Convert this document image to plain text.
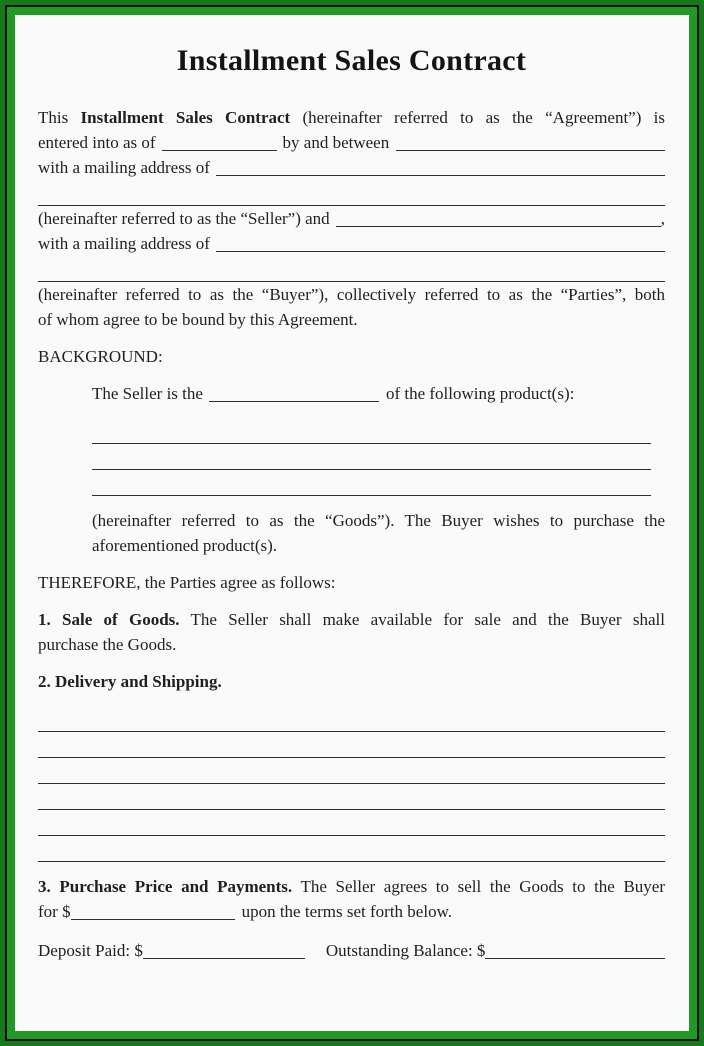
Installment Sales Contract
This Installment Sales Contract (hereinafter referred to as the “Agreement”) is
entered into as of	by and between
with a mailing address of
(hereinafter referred to as the “Seller”) and	,
with a mailing address of
(hereinafter referred to as the “Buyer”), collectively referred to as the “Parties”, both
of whom agree to be bound by this Agreement.
BACKGROUND:
The Seller is the	of the following product(s):
(hereinafter referred to as the “Goods”). The Buyer wishes to purchase the
aforementioned product(s).
THEREFORE, the Parties agree as follows:
1. Sale of Goods. The Seller shall make available for sale and the Buyer shall
purchase the Goods.
2. Delivery and Shipping.
3. Purchase Price and Payments. The Seller agrees to sell the Goods to the Buyer
for $	upon the terms set forth below.
Deposit Paid: $	Outstanding Balance: $
